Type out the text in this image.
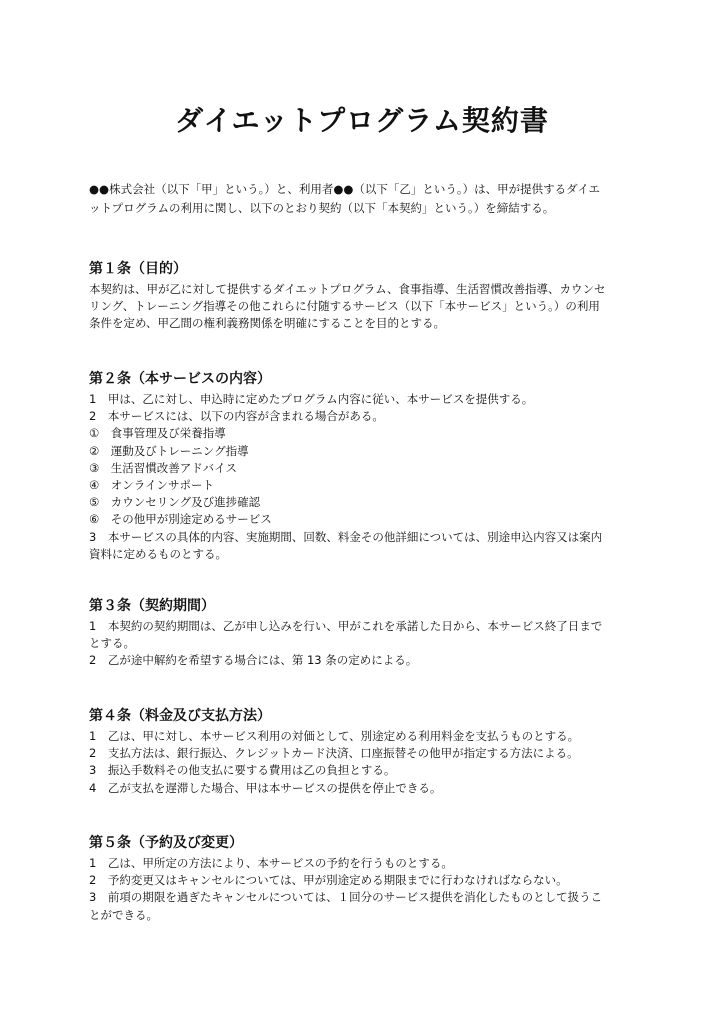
ダイエットプログラム契約書

●●株式会社（以下「甲」という。）と、利用者●●（以下「乙」という。）は、甲が提供するダイエ

ットプログラムの利用に関し、以下のとおり契約（以下「本契約」という。）を締結する。

第１条（目的）

本契約は、甲が乙に対して提供するダイエットプログラム、食事指導、生活習慣改善指導、カウンセ

リング、トレーニング指導その他これらに付随するサービス（以下「本サービス」という。）の利用

条件を定め、甲乙間の権利義務関係を明確にすることを目的とする。

第２条（本サービスの内容）

1　甲は、乙に対し、申込時に定めたプログラム内容に従い、本サービスを提供する。

2　本サービスには、以下の内容が含まれる場合がある。

①　食事管理及び栄養指導

②　運動及びトレーニング指導

③　生活習慣改善アドバイス

④　オンラインサポート

⑤　カウンセリング及び進捗確認

⑥　その他甲が別途定めるサービス

3　本サービスの具体的内容、実施期間、回数、料金その他詳細については、別途申込内容又は案内

資料に定めるものとする。

第３条（契約期間）

1　本契約の契約期間は、乙が申し込みを行い、甲がこれを承諾した日から、本サービス終了日まで

とする。

2　乙が途中解約を希望する場合には、第 13 条の定めによる。

第４条（料金及び支払方法）

1　乙は、甲に対し、本サービス利用の対価として、別途定める利用料金を支払うものとする。

2　支払方法は、銀行振込、クレジットカード決済、口座振替その他甲が指定する方法による。

3　振込手数料その他支払に要する費用は乙の負担とする。

4　乙が支払を遅滞した場合、甲は本サービスの提供を停止できる。

第５条（予約及び変更）

1　乙は、甲所定の方法により、本サービスの予約を行うものとする。

2　予約変更又はキャンセルについては、甲が別途定める期限までに行わなければならない。

3　前項の期限を過ぎたキャンセルについては、１回分のサービス提供を消化したものとして扱うこ

とができる。
